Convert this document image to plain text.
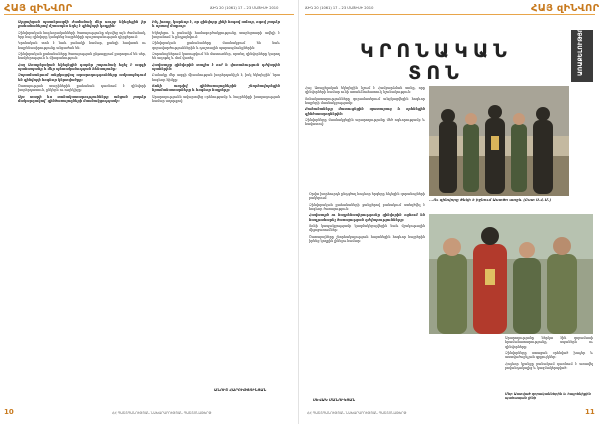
ՀԱՅ զԻՆՎՈՐ	ՃԻԳ 20 (1061) 17 – 23 ՄԱՅԻՍԻ 2010

Արցախյան պատերազմի ժամանակ մեր սուրբ եկեղեցին իր քահանաներով մշտապես եղել է զինվորի կողքին:

Զինվորական հոգևորականների ծառայությունը սկսվեց այն ժամանակ, երբ հայ զինվորը կանգնեց հայրենիքի պաշտպանության դիրքերում:

Կրոնական տոն է նաև բանակի համար, քանզի հավատն ու հայրենասիրությունը անբաժան են:

Զինվորական քահանաները ծառայության ընթացքում քարոզում են սեր, համբերություն և միաբանություն:

Հայ Առաքելական եկեղեցին դարեր շարունակ եղել է ազգի պահապանը և մեր պետականության հենասյունը:

Զորամասերում անցկացվող արարողությունները ամրապնդում են զինվորի հոգևոր կերտվածքը:

Ծառայության տարիներին քահանան դառնում է զինվորի խորհրդատուն, ընկերն ու ուղեկիցը:

Այս տարի ևս տոնակատարությունները անցան բարձր մակարդակով՝ զինծառայողների մասնակցությամբ:

Ինչ խոսք, կարևոր է, որ զինվորը լինի հոգով ամուր, ոգով բարձր և սրտով մաքուր:

Եկեղեցու և բանակի համագործակցությունը տարեցտարի ավելի է խորանում և ընդլայնվում:

Զինվորական քահանաները մասնակցում են նաև զորավարժություններին և դաշտային պարապմունքներին:

Զորանոցներում կառուցվում են մատուռներ, որտեղ զինվորները կարող են աղոթել և մոմ վառել:

Հավատքը զինվորին տալիս է ուժ և վստահություն դժվարին պահերին:

Բանակը մեր ազգի միասնության խորհրդանիշն է, իսկ եկեղեցին՝ նրա հոգևոր հիմքը:

Տոնի առթիվ զինծառայողներին շնորհավորեցին հրամանատարները և հոգևոր հայրերը:

Արարողությունն ավարտվեց օրհնությամբ և հայրենիքի խաղաղության համար աղոթքով:

ԱՆՈՒՇ ՀԱՐՈՒԹՅՈՒՆՅԱՆ
10	ՀՀ ՊԱՇՏՊԱՆՈՒԹՅԱՆ ՆԱԽԱՐԱՐՈՒԹՅԱՆ ՊԱՇՏՈՆԱԹԵՐԹ
ՃԻԳ 20 (1061) 17 – 23 ՄԱՅԻՍԻ 2010	ՀԱՅ զԻՆՎՈՐ
ԿՐՈՆԱԿԱՆ ՏՈՆ	ԱՌԱՔԵԼՈՒԹՅՈՒՆ

Հայ Առաքելական եկեղեցին նշում է Համբարձման տոնը, որը զինվորների համար ունի առանձնահատուկ նշանակություն:

Տոնակատարությունները զորամասերում անցկացվեցին հոգևոր հայրերի մասնակցությամբ:

Քահանաները մատուցեցին պատարագ և օրհնեցին զինծառայողներին:

Զինվորները մասնակցեցին արարողությանը մեծ ոգևորությամբ և հավատով:

...Ու զինվորը ծնկի է իջնում Աստծո առջև (Ըստ Ս.Հ.Մ.)

Օրվա խորհուրդն ընդգծող հոգևոր երգերը հնչեցին զորանոցների բակերում:

Զինվորական քահանաների ջանքերով բանակում ստեղծվել է հոգևոր ծառայություն:

Հավատքն ու հայրենասիրությունը զինվորին օգնում են հաղթահարել ծառայության դժվարությունները:

Տոնի կապակցությամբ կազմակերպվեցին նաև մշակութային միջոցառումներ:

Ծառայողները շնորհակալություն հայտնեցին հոգևոր հայրերին իրենց կողքին լինելու համար:

Արարողությանը ներկա էին զորամասի հրամանատարությունը, սպաներն ու զինվորները:

Զինվորները ստացան օրհնված խաչեր և աստվածաշնչյան գրքույկներ:

Հոգևոր կյանքը բանակում դառնում է առավել բովանդակալից և կազմակերպված:

Մեր Աստված զորականներին և հայրենիքին պահապան լինի
ՍԵՎԱԿ ՄԱՆՈՒԿՅԱՆ
ՀՀ ՊԱՇՏՊԱՆՈՒԹՅԱՆ ՆԱԽԱՐԱՐՈՒԹՅԱՆ ՊԱՇՏՈՆԱԹԵՐԹ	11
